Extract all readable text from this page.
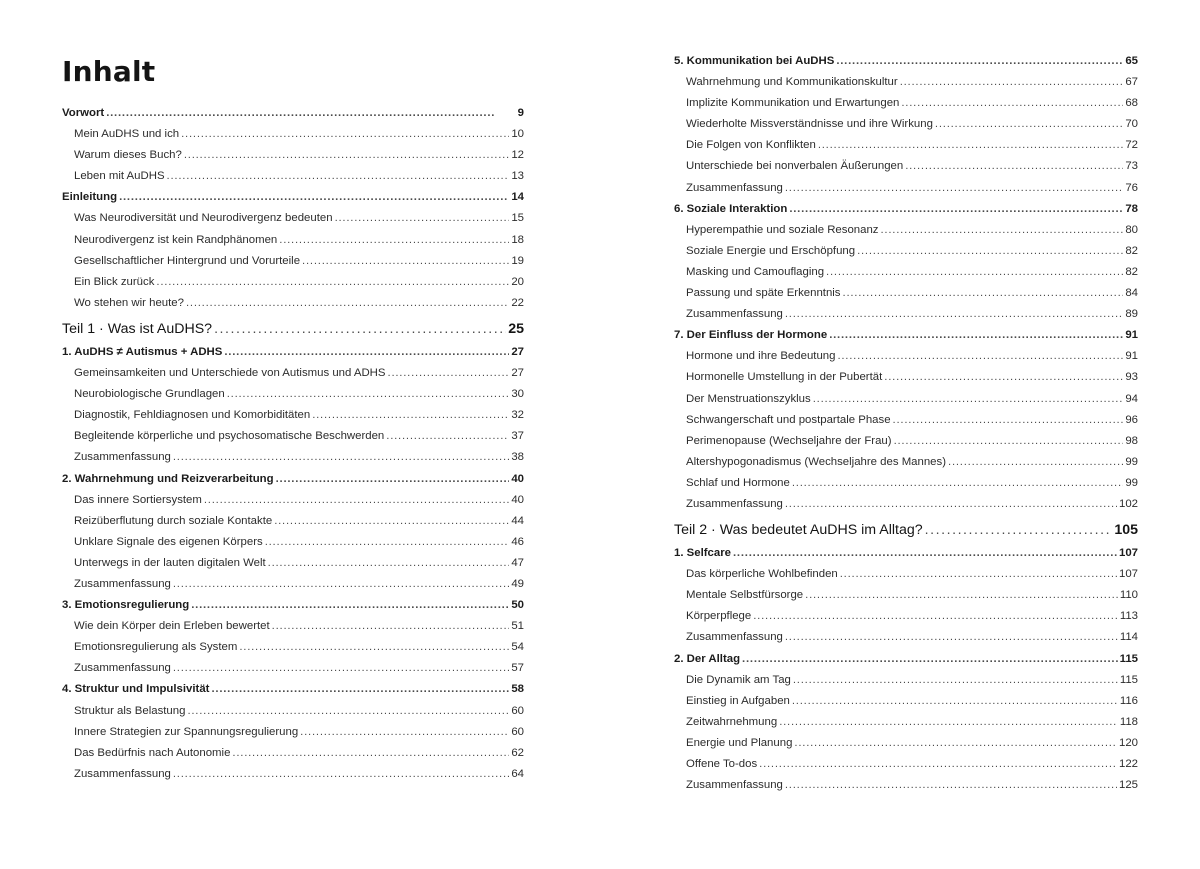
Inhalt
Vorwort . . .	9
Mein AuDHS und ich . . .	10
Warum dieses Buch? . . .	12
Leben mit AuDHS . . .	13
Einleitung . . .	14
Was Neurodiversität und Neurodivergenz bedeuten . . .	15
Neurodivergenz ist kein Randphänomen . . .	18
Gesellschaftlicher Hintergrund und Vorurteile . . .	19
Ein Blick zurück . . .	20
Wo stehen wir heute? . . .	22
Teil 1 · Was ist AuDHS? . . .	25
1. AuDHS ≠ Autismus + ADHS . . .	27
Gemeinsamkeiten und Unterschiede von Autismus und ADHS . . .	27
Neurobiologische Grundlagen . . .	30
Diagnostik, Fehldiagnosen und Komorbiditäten . . .	32
Begleitende körperliche und psychosomatische Beschwerden . . .	37
Zusammenfassung . . .	38
2. Wahrnehmung und Reizverarbeitung . . .	40
Das innere Sortiersystem . . .	40
Reizüberflutung durch soziale Kontakte . . .	44
Unklare Signale des eigenen Körpers . . .	46
Unterwegs in der lauten digitalen Welt . . .	47
Zusammenfassung . . .	49
3. Emotionsregulierung . . .	50
Wie dein Körper dein Erleben bewertet . . .	51
Emotionsregulierung als System . . .	54
Zusammenfassung . . .	57
4. Struktur und Impulsivität . . .	58
Struktur als Belastung . . .	60
Innere Strategien zur Spannungsregulierung . . .	60
Das Bedürfnis nach Autonomie . . .	62
Zusammenfassung . . .	64
5. Kommunikation bei AuDHS . . .	65
Wahrnehmung und Kommunikationskultur . . .	67
Implizite Kommunikation und Erwartungen . . .	68
Wiederholte Missverständnisse und ihre Wirkung . . .	70
Die Folgen von Konflikten . . .	72
Unterschiede bei nonverbalen Äußerungen . . .	73
Zusammenfassung . . .	76
6. Soziale Interaktion . . .	78
Hyperempathie und soziale Resonanz . . .	80
Soziale Energie und Erschöpfung . . .	82
Masking und Camouflaging . . .	82
Passung und späte Erkenntnis . . .	84
Zusammenfassung . . .	89
7. Der Einfluss der Hormone . . .	91
Hormone und ihre Bedeutung . . .	91
Hormonelle Umstellung in der Pubertät . . .	93
Der Menstruationszyklus . . .	94
Schwangerschaft und postpartale Phase . . .	96
Perimenopause (Wechseljahre der Frau) . . .	98
Altershypogonadismus (Wechseljahre des Mannes) . . .	99
Schlaf und Hormone . . .	99
Zusammenfassung . . .	102
Teil 2 · Was bedeutet AuDHS im Alltag? . . .	105
1. Selfcare . . .	107
Das körperliche Wohlbefinden . . .	107
Mentale Selbstfürsorge . . .	110
Körperpflege . . .	113
Zusammenfassung . . .	114
2. Der Alltag . . .	115
Die Dynamik am Tag . . .	115
Einstieg in Aufgaben . . .	116
Zeitwahrnehmung . . .	118
Energie und Planung . . .	120
Offene To-dos . . .	122
Zusammenfassung . . .	125
